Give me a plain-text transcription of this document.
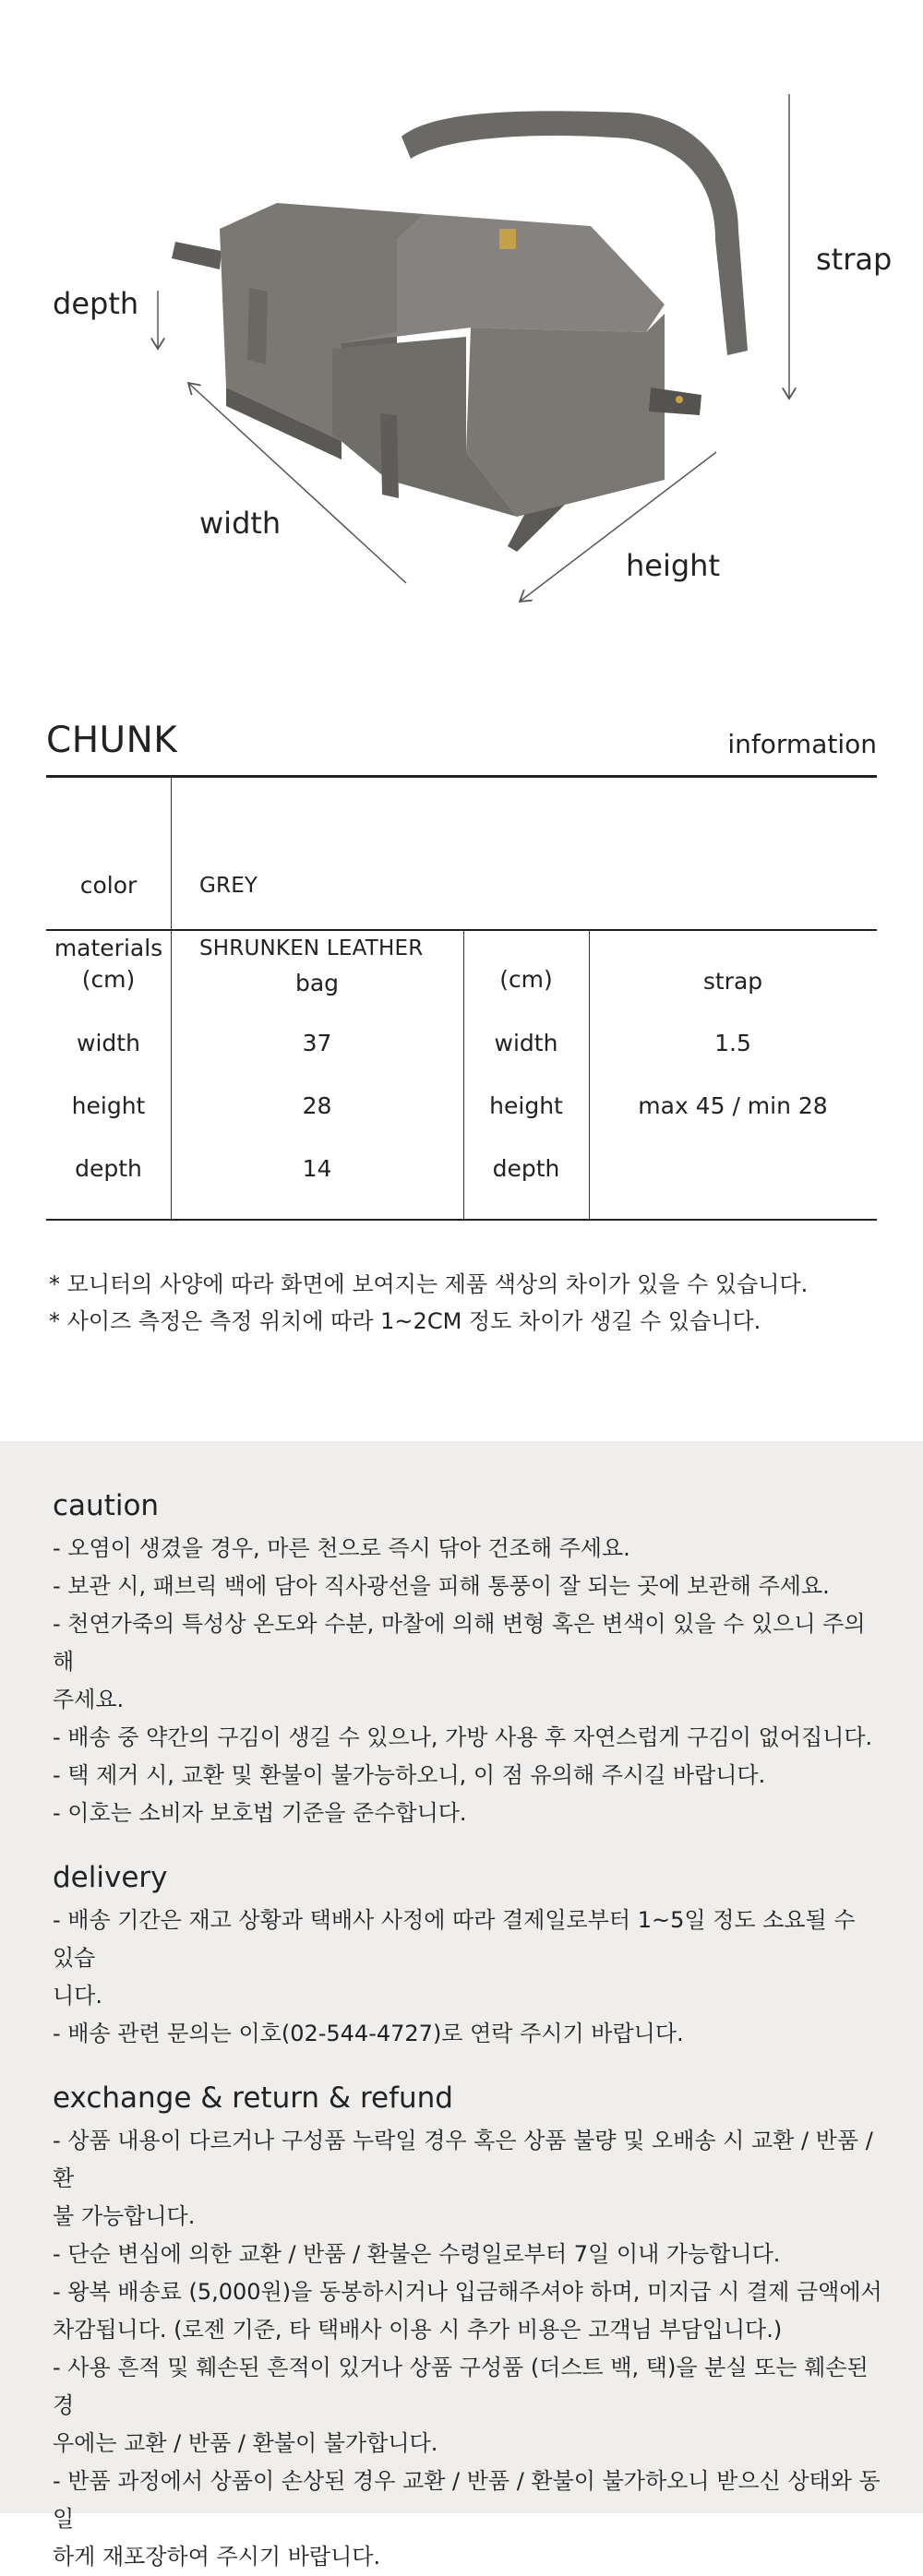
depth
width
height
strap
CHUNK	information
color	GREY
materials	SHRUNKEN LEATHER
(cm)	bag	(cm)	strap
width	37	width	1.5
height	28	height	max 45 / min 28
depth	14	depth
* 모니터의 사양에 따라 화면에 보여지는 제품 색상의 차이가 있을 수 있습니다.
* 사이즈 측정은 측정 위치에 따라 1~2CM 정도 차이가 생길 수 있습니다.
caution

- 오염이 생겼을 경우, 마른 천으로 즉시 닦아 건조해 주세요.

- 보관 시, 패브릭 백에 담아 직사광선을 피해 통풍이 잘 되는 곳에 보관해 주세요.

- 천연가죽의 특성상 온도와 수분, 마찰에 의해 변형 혹은 변색이 있을 수 있으니 주의해

주세요.

- 배송 중 약간의 구김이 생길 수 있으나, 가방 사용 후 자연스럽게 구김이 없어집니다.

- 택 제거 시, 교환 및 환불이 불가능하오니, 이 점 유의해 주시길 바랍니다.

- 이호는 소비자 보호법 기준을 준수합니다.

delivery

- 배송 기간은 재고 상황과 택배사 사정에 따라 결제일로부터 1~5일 정도 소요될 수 있습

니다.

- 배송 관련 문의는 이호(02-544-4727)로 연락 주시기 바랍니다.

exchange & return & refund

- 상품 내용이 다르거나 구성품 누락일 경우 혹은 상품 불량 및 오배송 시 교환 / 반품 / 환

불 가능합니다.

- 단순 변심에 의한 교환 / 반품 / 환불은 수령일로부터 7일 이내 가능합니다.

- 왕복 배송료 (5,000원)을 동봉하시거나 입금해주셔야 하며, 미지급 시 결제 금액에서

차감됩니다. (로젠 기준, 타 택배사 이용 시 추가 비용은 고객님 부담입니다.)

- 사용 흔적 및 훼손된 흔적이 있거나 상품 구성품 (더스트 백, 택)을 분실 또는 훼손된 경

우에는 교환 / 반품 / 환불이 불가합니다.

- 반품 과정에서 상품이 손상된 경우 교환 / 반품 / 환불이 불가하오니 받으신 상태와 동일

하게 재포장하여 주시기 바랍니다.
